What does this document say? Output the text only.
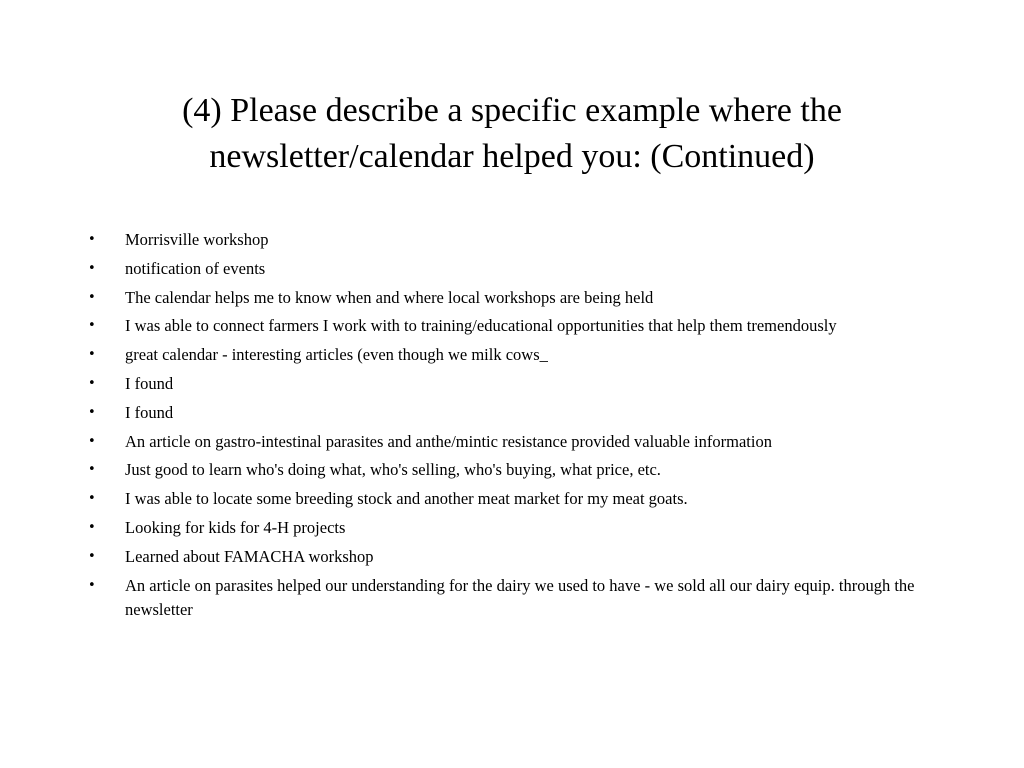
(4) Please describe a specific example where the
newsletter/calendar helped you: (Continued)
• Morrisville workshop
• notification of events
• The calendar helps me to know when and where local workshops are being held
• I was able to connect farmers I work with to training/educational opportunities that help them tremendously
• great calendar - interesting articles (even though we milk cows_
• I found
• I found
• An article on gastro-intestinal parasites and anthe/mintic resistance provided valuable information
• Just good to learn who's doing what, who's selling, who's buying, what price, etc.
• I was able to locate some breeding stock and another meat market for my meat goats.
• Looking for kids for 4-H projects
• Learned about FAMACHA workshop
• An article on parasites helped our understanding for the dairy we used to have - we sold all our dairy equip. through the newsletter
